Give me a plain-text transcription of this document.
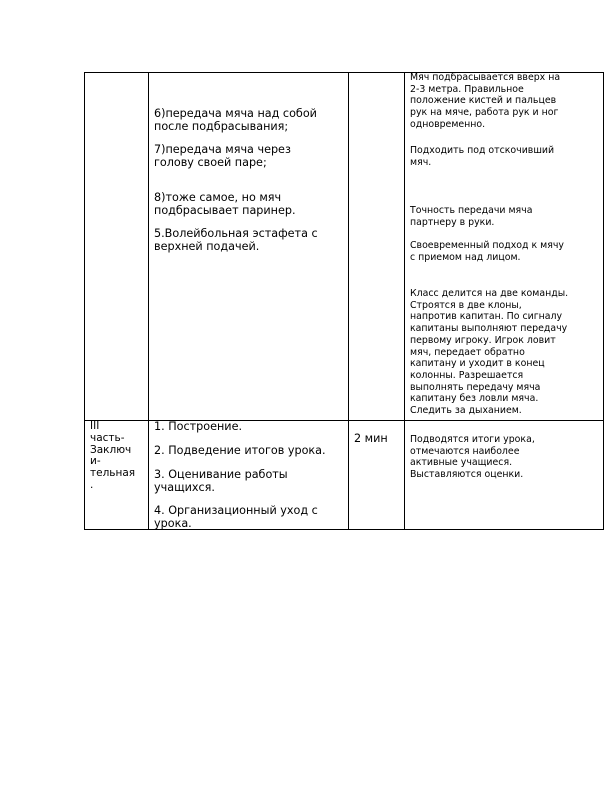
6)передача мяча над собой
после подбрасывания;
7)передача мяча через
голову своей паре;
8)тоже самое, но мяч
подбрасывает паринер.
5.Волейбольная эстафета с
верхней подачей.
Мяч подбрасывается вверх на
2-3 метра. Правильное
положение кистей и пальцев
рук на мяче, работа рук и ног
одновременно.
Подходить под отскочивший
мяч.
Точность передачи мяча
партнеру в руки.
Своевременный подход к мячу
с приемом над лицом.
Класс делится на две команды.
Строятся в две клоны,
напротив капитан. По сигналу
капитаны выполняют передачу
первому игроку. Игрок ловит
мяч, передает обратно
капитану и уходит в конец
колонны. Разрешается
выполнять передачу мяча
капитану без ловли мяча.
Следить за дыханием.
III
часть-
Заключ
и-
тельная
.
1. Построение.
2. Подведение итогов урока.
3. Оценивание работы
учащихся.
4. Организационный уход с
урока.
2 мин Подводятся итоги урока,
отмечаются наиболее
активные учащиеся.
Выставляются оценки.
